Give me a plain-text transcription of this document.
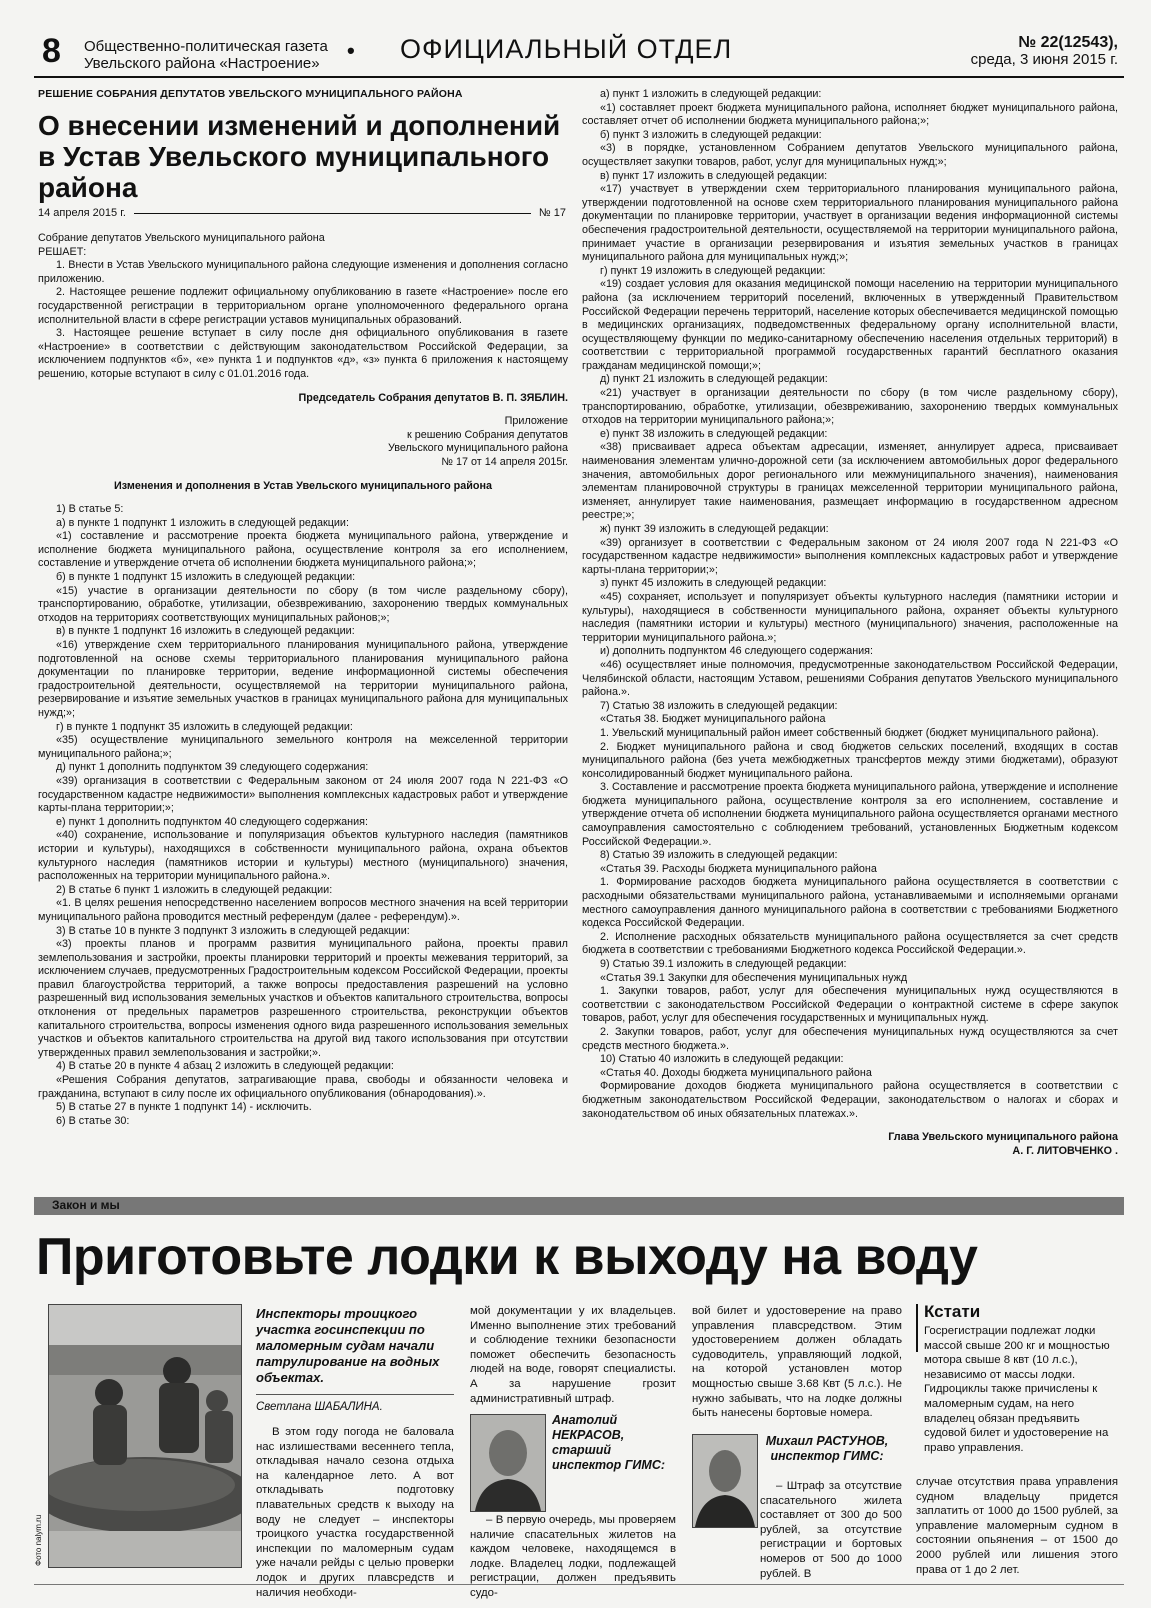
8 Общественно-политическая газета
Увельского района «Настроение»
• ОФИЦИАЛЬНЫЙ ОТДЕЛ	№ 22(12543),
среда, 3 июня 2015 г.
РЕШЕНИЕ СОБРАНИЯ ДЕПУТАТОВ УВЕЛЬСКОГО МУНИЦИПАЛЬНОГО РАЙОНА
О внесении изменений и дополнений в Устав Увельского муниципального района
14 апреля 2015 г.	№ 17

Собрание депутатов Увельского муниципального района

РЕШАЕТ:

1. Внести в Устав Увельского муниципального района следующие изменения и дополнения согласно приложению.

2. Настоящее решение подлежит официальному опубликованию в газете «Настроение» после его государственной регистрации в территориальном органе уполномоченного федерального органа исполнительной власти в сфере регистрации уставов муниципальных образований.

3. Настоящее решение вступает в силу после дня официального опубликования в газете «Настроение» в соответствии с действующим законодательством Российской Федерации, за исключением подпунктов «б», «е» пункта 1 и подпунктов «д», «з» пункта 6 приложения к настоящему решению, которые вступают в силу с 01.01.2016 года.

Председатель Собрания депутатов В. П. ЗЯБЛИН.

Приложение

к решению Собрания депутатов

Увельского муниципального района

№ 17 от 14 апреля 2015г.

Изменения и дополнения в Устав Увельского муниципального района

1) В статье 5:

а) в пункте 1 подпункт 1 изложить в следующей редакции:

«1) составление и рассмотрение проекта бюджета муниципального района, утверждение и исполнение бюджета муниципального района, осуществление контроля за его исполнением, составление и утверждение отчета об исполнении бюджета муниципального района;»;

б) в пункте 1 подпункт 15 изложить в следующей редакции:

«15) участие в организации деятельности по сбору (в том числе раздельному сбору), транспортированию, обработке, утилизации, обезвреживанию, захоронению твердых коммунальных отходов на территориях соответствующих муниципальных районов;»;

в) в пункте 1 подпункт 16 изложить в следующей редакции:

«16) утверждение схем территориального планирования муниципального района, утверждение подготовленной на основе схемы территориального планирования муниципального района документации по планировке территории, ведение информационной системы обеспечения градостроительной деятельности, осуществляемой на территории муниципального района, резервирование и изъятие земельных участков в границах муниципального района для муниципальных нужд;»;

г) в пункте 1 подпункт 35 изложить в следующей редакции:

«35) осуществление муниципального земельного контроля на межселенной территории муниципального района;»;

д) пункт 1 дополнить подпунктом 39 следующего содержания:

«39) организация в соответствии с Федеральным законом от 24 июля 2007 года N 221-ФЗ «О государственном кадастре недвижимости» выполнения комплексных кадастровых работ и утверждение карты-плана территории;»;

е) пункт 1 дополнить подпунктом 40 следующего содержания:

«40) сохранение, использование и популяризация объектов культурного наследия (памятников истории и культуры), находящихся в собственности муниципального района, охрана объектов культурного наследия (памятников истории и культуры) местного (муниципального) значения, расположенных на территории муниципального района.».

2) В статье 6 пункт 1 изложить в следующей редакции:

«1. В целях решения непосредственно населением вопросов местного значения на всей территории муниципального района проводится местный референдум (далее - референдум).».

3) В статье 10 в пункте 3 подпункт 3 изложить в следующей редакции:

«3) проекты планов и программ развития муниципального района, проекты правил землепользования и застройки, проекты планировки территорий и проекты межевания территорий, за исключением случаев, предусмотренных Градостроительным кодексом Российской Федерации, проекты правил благоустройства территорий, а также вопросы предоставления разрешений на условно разрешенный вид использования земельных участков и объектов капитального строительства, вопросы отклонения от предельных параметров разрешенного строительства, реконструкции объектов капитального строительства, вопросы изменения одного вида разрешенного использования земельных участков и объектов капитального строительства на другой вид такого использования при отсутствии утвержденных правил землепользования и застройки;».

4) В статье 20 в пункте 4 абзац 2 изложить в следующей редакции:

«Решения Собрания депутатов, затрагивающие права, свободы и обязанности человека и гражданина, вступают в силу после их официального опубликования (обнародования).».

5) В статье 27 в пункте 1 подпункт 14) - исключить.

6) В статье 30:

а) пункт 1 изложить в следующей редакции:

«1) составляет проект бюджета муниципального района, исполняет бюджет муниципального района, составляет отчет об исполнении бюджета муниципального района;»;

б) пункт 3 изложить в следующей редакции:

«3) в порядке, установленном Собранием депутатов Увельского муниципального района, осуществляет закупки товаров, работ, услуг для муниципальных нужд;»;

в) пункт 17 изложить в следующей редакции:

«17) участвует в утверждении схем территориального планирования муниципального района, утверждении подготовленной на основе схем территориального планирования муниципального района документации по планировке территории, участвует в организации ведения информационной системы обеспечения градостроительной деятельности, осуществляемой на территории муниципального района, принимает участие в организации резервирования и изъятия земельных участков в границах муниципального района для муниципальных нужд;»;

г) пункт 19 изложить в следующей редакции:

«19) создает условия для оказания медицинской помощи населению на территории муниципального района (за исключением территорий поселений, включенных в утвержденный Правительством Российской Федерации перечень территорий, население которых обеспечивается медицинской помощью в медицинских организациях, подведомственных федеральному органу исполнительной власти, осуществляющему функции по медико-санитарному обеспечению населения отдельных территорий) в соответствии с территориальной программой государственных гарантий бесплатного оказания гражданам медицинской помощи;»;

д) пункт 21 изложить в следующей редакции:

«21) участвует в организации деятельности по сбору (в том числе раздельному сбору), транспортированию, обработке, утилизации, обезвреживанию, захоронению твердых коммунальных отходов на территории муниципального района;»;

е) пункт 38 изложить в следующей редакции:

«38) присваивает адреса объектам адресации, изменяет, аннулирует адреса, присваивает наименования элементам улично-дорожной сети (за исключением автомобильных дорог федерального значения, автомобильных дорог регионального или межмуниципального значения), наименования элементам планировочной структуры в границах межселенной территории муниципального района, изменяет, аннулирует такие наименования, размещает информацию в государственном адресном реестре;»;

ж) пункт 39 изложить в следующей редакции:

«39) организует в соответствии с Федеральным законом от 24 июля 2007 года N 221-ФЗ «О государственном кадастре недвижимости» выполнения комплексных кадастровых работ и утверждение карты-плана территории;»;

з) пункт 45 изложить в следующей редакции:

«45) сохраняет, использует и популяризует объекты культурного наследия (памятники истории и культуры), находящиеся в собственности муниципального района, охраняет объекты культурного наследия (памятники истории и культуры) местного (муниципального) значения, расположенные на территории муниципального района.»;

и) дополнить подпунктом 46 следующего содержания:

«46) осуществляет иные полномочия, предусмотренные законодательством Российской Федерации, Челябинской области, настоящим Уставом, решениями Собрания депутатов Увельского муниципального района.».

7) Статью 38 изложить в следующей редакции:

«Статья 38. Бюджет муниципального района

1. Увельский муниципальный район имеет собственный бюджет (бюджет муниципального района).

2. Бюджет муниципального района и свод бюджетов сельских поселений, входящих в состав муниципального района (без учета межбюджетных трансфертов между этими бюджетами), образуют консолидированный бюджет муниципального района.

3. Составление и рассмотрение проекта бюджета муниципального района, утверждение и исполнение бюджета муниципального района, осуществление контроля за его исполнением, составление и утверждение отчета об исполнении бюджета муниципального района осуществляется органами местного самоуправления самостоятельно с соблюдением требований, установленных Бюджетным кодексом Российской Федерации.».

8) Статью 39 изложить в следующей редакции:

«Статья 39. Расходы бюджета муниципального района

1. Формирование расходов бюджета муниципального района осуществляется в соответствии с расходными обязательствами муниципального района, устанавливаемыми и исполняемыми органами местного самоуправления данного муниципального района в соответствии с требованиями Бюджетного кодекса Российской Федерации.

2. Исполнение расходных обязательств муниципального района осуществляется за счет средств бюджета в соответствии с требованиями Бюджетного кодекса Российской Федерации.».

9) Статью 39.1 изложить в следующей редакции:

«Статья 39.1 Закупки для обеспечения муниципальных нужд

1. Закупки товаров, работ, услуг для обеспечения муниципальных нужд осуществляются в соответствии с законодательством Российской Федерации о контрактной системе в сфере закупок товаров, работ, услуг для обеспечения государственных и муниципальных нужд.

2. Закупки товаров, работ, услуг для обеспечения муниципальных нужд осуществляются за счет средств местного бюджета.».

10) Статью 40 изложить в следующей редакции:

«Статья 40. Доходы бюджета муниципального района

Формирование доходов бюджета муниципального района осуществляется в соответствии с бюджетным законодательством Российской Федерации, законодательством о налогах и сборах и законодательством об иных обязательных платежах.».

Глава Увельского муниципального района

А. Г. ЛИТОВЧЕНКО .

Закон и мы
Приготовьте лодки к выходу на воду
Фото nalym.ru
Инспекторы троицкого участка госинспекции по маломерным судам начали патрулирование на водных объектах.
Светлана ШАБАЛИНА.

В этом году погода не баловала нас излишествами весеннего тепла, откладывая начало сезона отдыха на календарное лето. А вот откладывать подготовку плавательных средств к выходу на воду не следует – инспекторы троицкого участка государственной инспекции по маломерным судам уже начали рейды с целью проверки лодок и других плавсредств и наличия необходи-

мой документации у их владельцев. Именно выполнение этих требований и соблюдение техники безопасности поможет обеспечить безопасность людей на воде, говорят специалисты. А за нарушение грозит административный штраф.

Анатолий НЕКРАСОВ, старший инспектор ГИМС:

– В первую очередь, мы проверяем наличие спасательных жилетов на каждом человеке, находящемся в лодке. Владелец лодки, подлежащей регистрации, должен предъявить судо-

вой билет и удостоверение на право управления плавсредством. Этим удостоверением должен обладать судоводитель, управляющий лодкой, на которой установлен мотор мощностью свыше 3.68 Квт (5 л.с.). Не нужно забывать, что на лодке должны быть нанесены бортовые номера.

Михаил РАСТУНОВ, инспектор ГИМС:

– Штраф за отсутствие спасательного жилета составляет от 300 до 500 рублей, за отсутствие регистрации и бортовых номеров от 500 до 1000 рублей. В

Кстати

Госрегистрации подлежат лодки массой свыше 200 кг и мощностью мотора свыше 8 квт (10 л.с.), независимо от массы лодки. Гидроциклы также причислены к маломерным судам, на него владелец обязан предъявить судовой билет и удостоверение на право управления.

случае отсутствия права управления судном владельцу придется заплатить от 1000 до 1500 рублей, за управление маломерным судном в состоянии опьянения – от 1500 до 2000 рублей или лишения этого права от 1 до 2 лет.
